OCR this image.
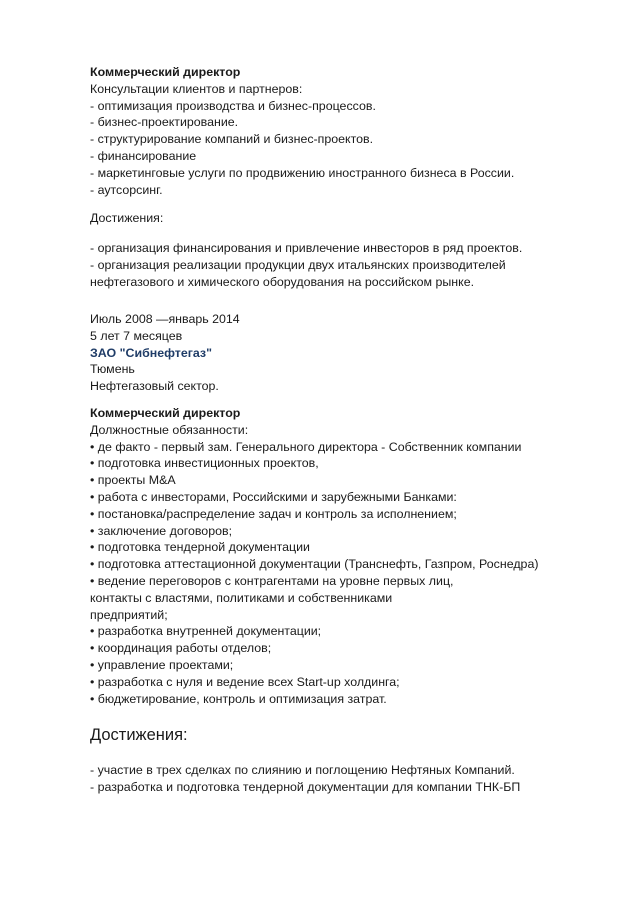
Коммерческий директор
Консультации клиентов и партнеров:
- оптимизация производства и бизнес-процессов.
- бизнес-проектирование.
- структурирование компаний и бизнес-проектов.
- финансирование
- маркетинговые услуги по продвижению иностранного бизнеса в России.
- аутсорсинг.
Достижения:
- организация финансирования и привлечение инвесторов в ряд проектов.
- организация реализации продукции двух итальянских производителей
нефтегазового и химического оборудования на российском рынке.
Июль 2008 —январь 2014
5 лет 7 месяцев
ЗАО "Сибнефтегаз"
Тюмень
Нефтегазовый сектор.
Коммерческий директор
Должностные обязанности:
• де факто - первый зам. Генерального директора - Собственник компании
• подготовка инвестиционных проектов,
• проекты M&A
• работа с инвесторами, Российскими и зарубежными Банками:
• постановка/распределение задач и контроль за исполнением;
• заключение договоров;
• подготовка тендерной документации
• подготовка аттестационной документации (Транснефть, Газпром, Роснедра)
• ведение переговоров с контрагентами на уровне первых лиц,
контакты с властями, политиками и собственниками
предприятий;
• разработка внутренней документации;
• координация работы отделов;
• управление проектами;
• разработка с нуля и ведение всех Start-up холдинга;
• бюджетирование, контроль и оптимизация затрат.
Достижения:
- участие в трех сделках по слиянию и поглощению Нефтяных Компаний.
- разработка и подготовка тендерной документации для компании ТНК-БП
